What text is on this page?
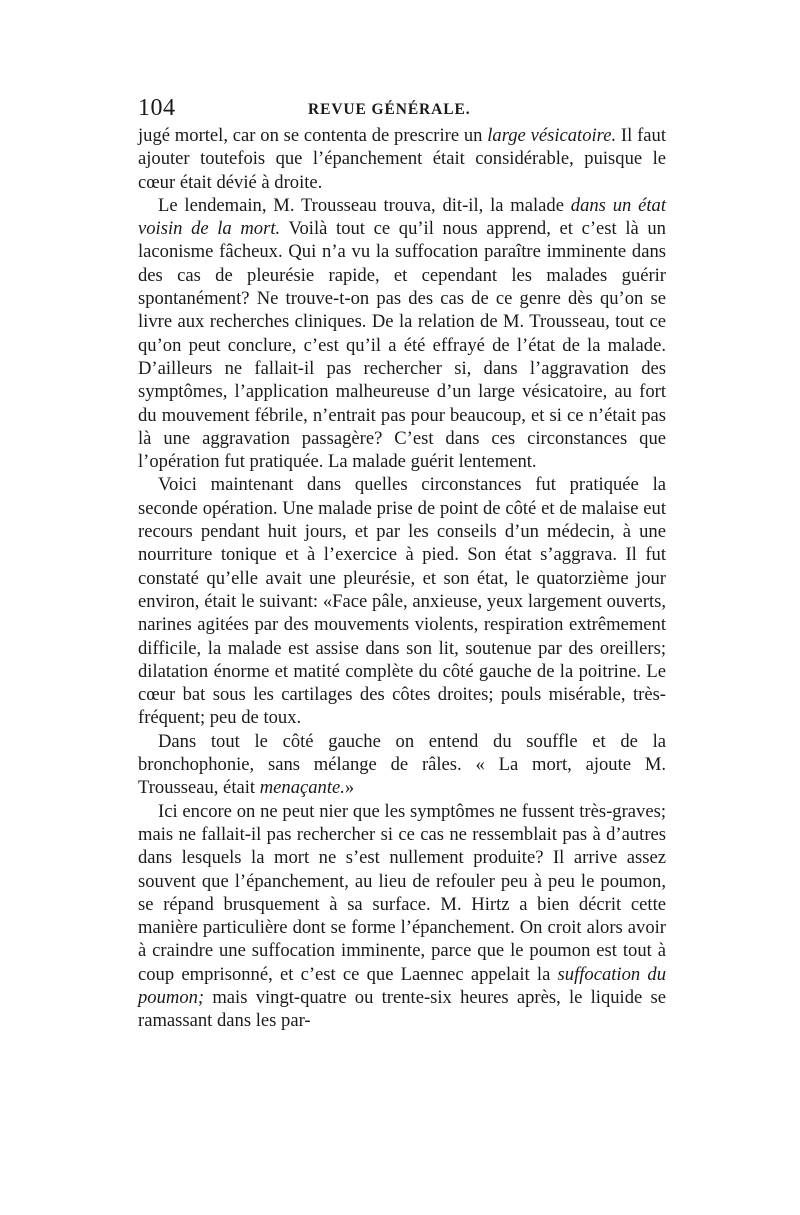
104	REVUE GÉNÉRALE.

jugé mortel, car on se contenta de prescrire un large vésicatoire. Il faut ajouter toutefois que l’épanchement était considérable, puisque le cœur était dévié à droite.

Le lendemain, M. Trousseau trouva, dit-il, la malade dans un état voisin de la mort. Voilà tout ce qu’il nous apprend, et c’est là un laconisme fâcheux. Qui n’a vu la suffocation paraître imminente dans des cas de pleurésie rapide, et cependant les malades guérir spontanément? Ne trouve-t-on pas des cas de ce genre dès qu’on se livre aux recherches cliniques. De la relation de M. Trousseau, tout ce qu’on peut conclure, c’est qu’il a été effrayé de l’état de la malade. D’ailleurs ne fallait-il pas rechercher si, dans l’aggravation des symptômes, l’application malheureuse d’un large vésicatoire, au fort du mouvement fébrile, n’entrait pas pour beaucoup, et si ce n’était pas là une aggravation passagère? C’est dans ces circonstances que l’opération fut pratiquée. La malade guérit lentement.

Voici maintenant dans quelles circonstances fut pratiquée la seconde opération. Une malade prise de point de côté et de malaise eut recours pendant huit jours, et par les conseils d’un médecin, à une nourriture tonique et à l’exercice à pied. Son état s’aggrava. Il fut constaté qu’elle avait une pleurésie, et son état, le quatorzième jour environ, était le suivant: «Face pâle, anxieuse, yeux largement ouverts, narines agitées par des mouvements violents, respiration extrêmement difficile, la malade est assise dans son lit, soutenue par des oreillers; dilatation énorme et matité complète du côté gauche de la poitrine. Le cœur bat sous les cartilages des côtes droites; pouls misérable, très-fréquent; peu de toux.

Dans tout le côté gauche on entend du souffle et de la bronchophonie, sans mélange de râles. « La mort, ajoute M. Trousseau, était menaçante.»

Ici encore on ne peut nier que les symptômes ne fussent très-graves; mais ne fallait-il pas rechercher si ce cas ne ressemblait pas à d’autres dans lesquels la mort ne s’est nullement produite? Il arrive assez souvent que l’épanchement, au lieu de refouler peu à peu le poumon, se répand brusquement à sa surface. M. Hirtz a bien décrit cette manière particulière dont se forme l’épanchement. On croit alors avoir à craindre une suffocation imminente, parce que le poumon est tout à coup emprisonné, et c’est ce que Laennec appelait la suffocation du poumon; mais vingt-quatre ou trente-six heures après, le liquide se ramassant dans les par-
